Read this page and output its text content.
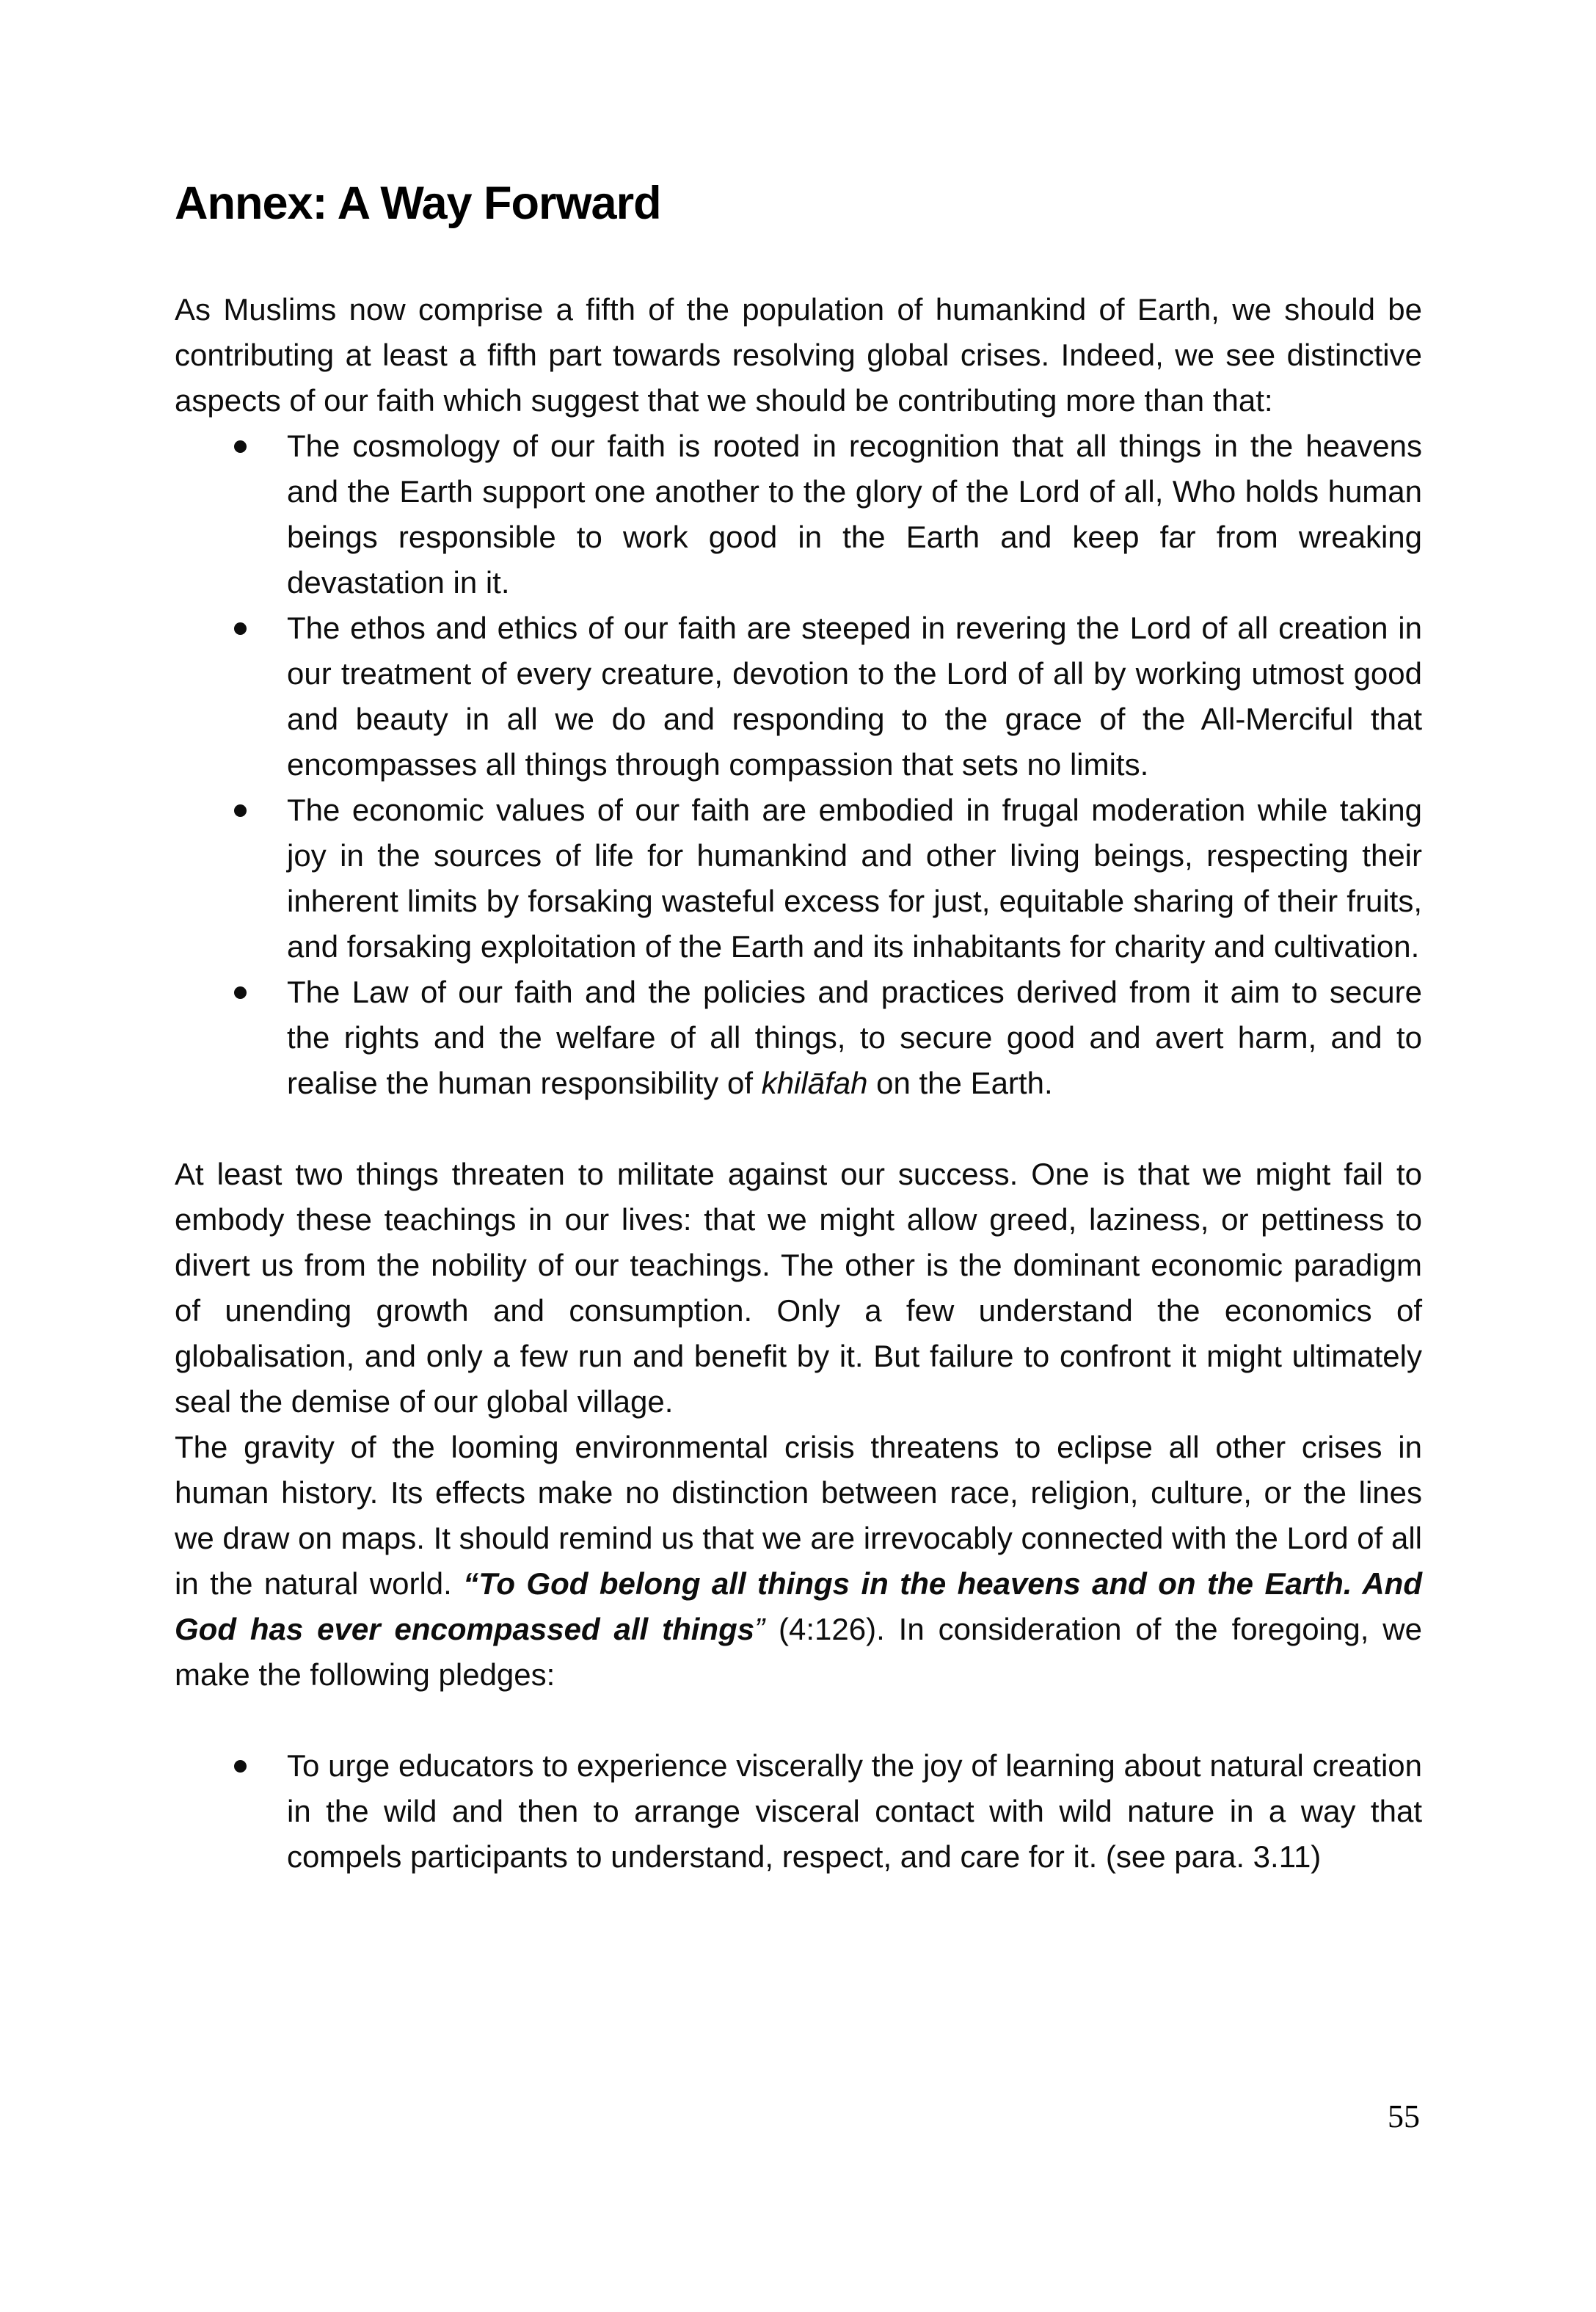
Annex: A Way Forward

As Muslims now comprise a fifth of the population of humankind of Earth, we should be contributing at least a fifth part towards resolving global crises. Indeed, we see distinctive aspects of our faith which suggest that we should be contributing more than that:

The cosmology of our faith is rooted in recognition that all things in the heavens and the Earth support one another to the glory of the Lord of all, Who holds human beings responsible to work good in the Earth and keep far from wreaking devastation in it.
The ethos and ethics of our faith are steeped in revering the Lord of all creation in our treatment of every creature, devotion to the Lord of all by working utmost good and beauty in all we do and responding to the grace of the All-Merciful that encompasses all things through compassion that sets no limits.
The economic values of our faith are embodied in frugal moderation while taking joy in the sources of life for humankind and other living beings, respecting their inherent limits by forsaking wasteful excess for just, equitable sharing of their fruits, and forsaking exploitation of the Earth and its inhabitants for charity and cultivation.
The Law of our faith and the policies and practices derived from it aim to secure the rights and the welfare of all things, to secure good and avert harm, and to realise the human responsibility of khilāfah on the Earth.

At least two things threaten to militate against our success. One is that we might fail to embody these teachings in our lives: that we might allow greed, laziness, or pettiness to divert us from the nobility of our teachings. The other is the dominant economic paradigm of unending growth and consumption. Only a few understand the economics of globalisation, and only a few run and benefit by it. But failure to confront it might ultimately seal the demise of our global village.

The gravity of the looming environmental crisis threatens to eclipse all other crises in human history. Its effects make no distinction between race, religion, culture, or the lines we draw on maps. It should remind us that we are irrevocably connected with the Lord of all in the natural world. “To God belong all things in the heavens and on the Earth. And God has ever encompassed all things” (4:126). In consideration of the foregoing, we make the following pledges:

To urge educators to experience viscerally the joy of learning about natural creation in the wild and then to arrange visceral contact with wild nature in a way that compels participants to understand, respect, and care for it. (see para. 3.11)
55
